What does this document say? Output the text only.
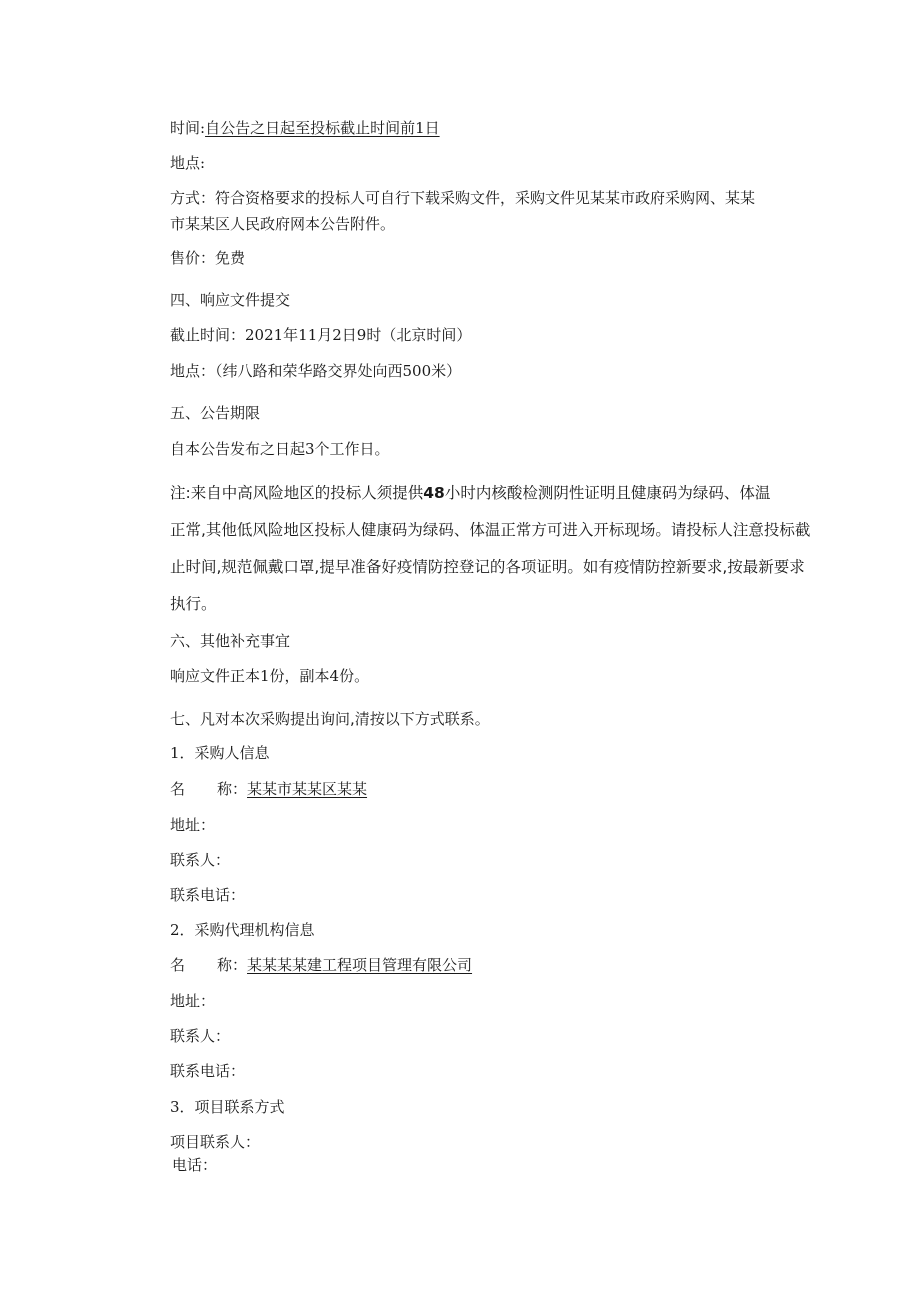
时间:自公告之日起至投标截止时间前1日
地点:
方式：符合资格要求的投标人可自行下载采购文件，采购文件见某某市政府采购网、某某
市某某区人民政府网本公告附件。
售价：免费
四、响应文件提交
截止时间：2021年11月2日9时（北京时间）
地点：（纬八路和荣华路交界处向西500米）
五、公告期限
自本公告发布之日起3个工作日。
注:来自中高风险地区的投标人须提供48小时内核酸检测阴性证明且健康码为绿码、体温
正常,其他低风险地区投标人健康码为绿码、体温正常方可进入开标现场。请投标人注意投标截
止时间,规范佩戴口罩,提早准备好疫情防控登记的各项证明。如有疫情防控新要求,按最新要求
执行。
六、其他补充事宜
响应文件正本1份，副本4份。
七、凡对本次采购提出询问,清按以下方式联系。
1．采购人信息
名 称：某某市某某区某某
地址：
联系人：
联系电话：
2．采购代理机构信息
名 称：某某某某建工程项目管理有限公司
地址：
联系人：
联系电话：
3．项目联系方式
项目联系人：
电话：
